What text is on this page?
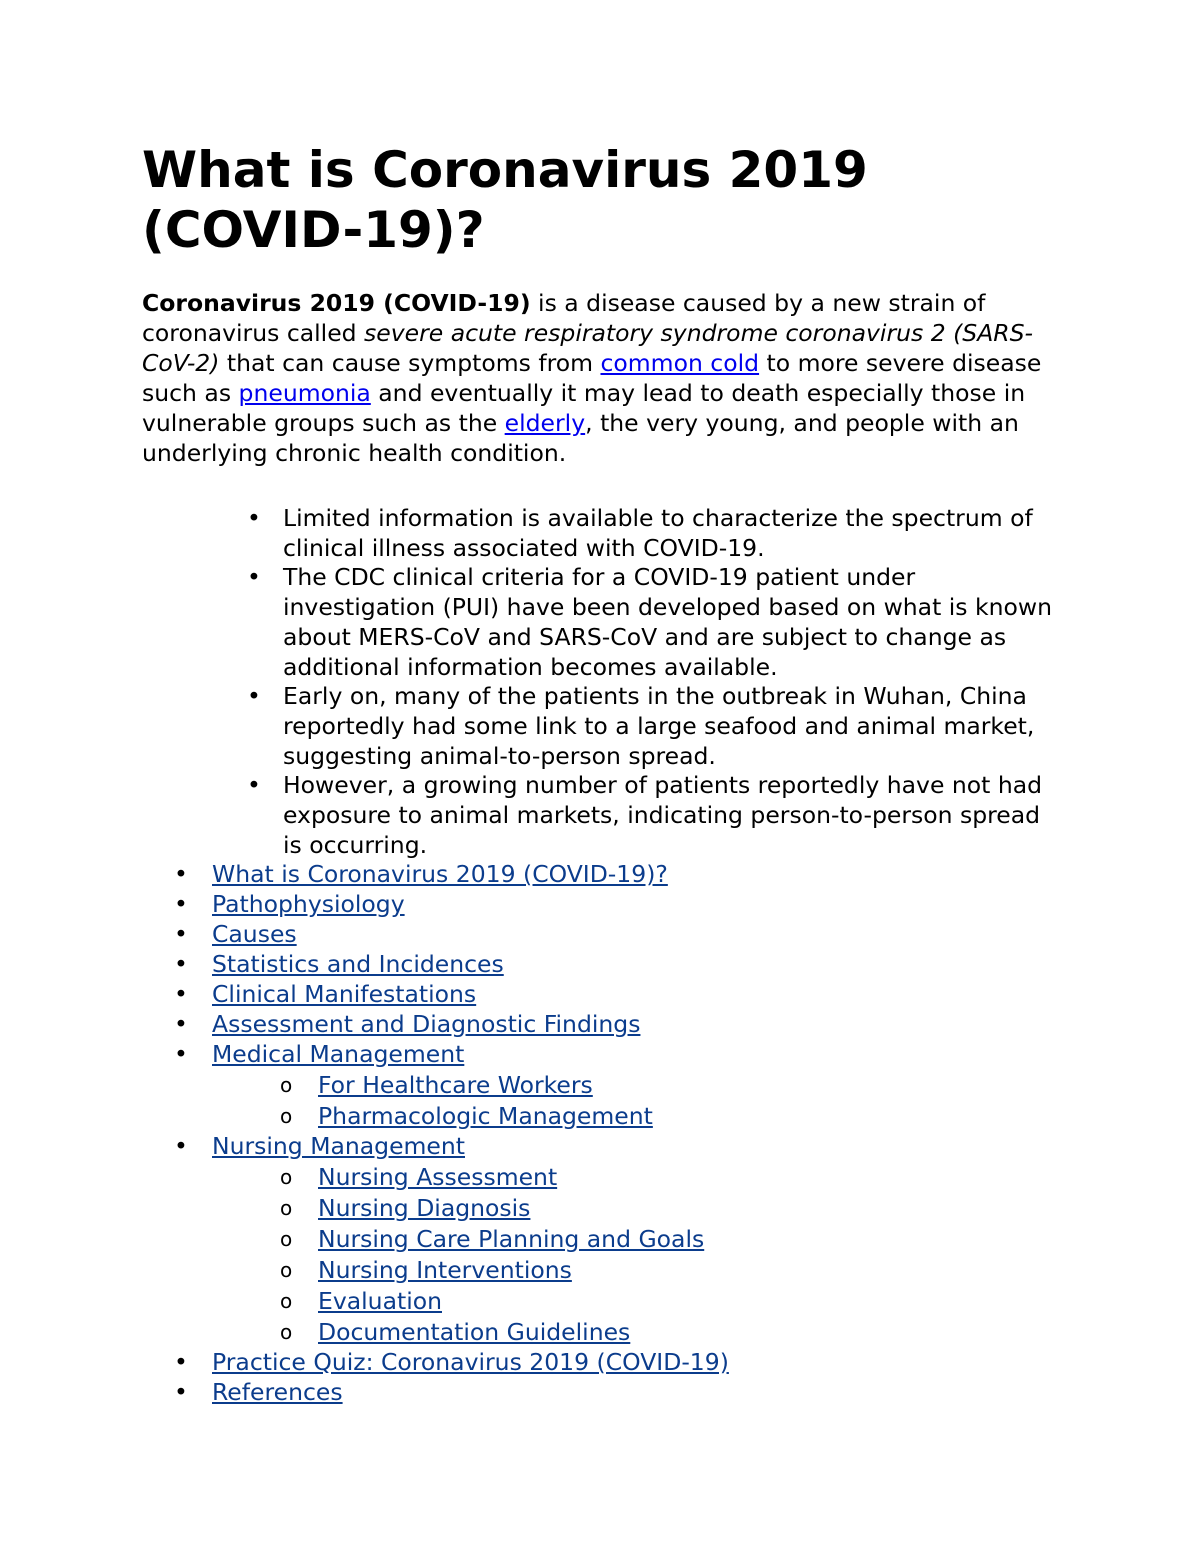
What is Coronavirus 2019 (COVID-19)?

Coronavirus 2019 (COVID-19) is a disease caused by a new strain of coronavirus called severe acute respiratory syndrome coronavirus 2 (SARS-CoV-2) that can cause symptoms from common cold to more severe disease such as pneumonia and eventually it may lead to death especially those in vulnerable groups such as the elderly, the very young, and people with an underlying chronic health condition.

• Limited information is available to characterize the spectrum of clinical illness associated with COVID-19.
• The CDC clinical criteria for a COVID-19 patient under investigation (PUI) have been developed based on what is known about MERS-CoV and SARS-CoV and are subject to change as additional information becomes available.
• Early on, many of the patients in the outbreak in Wuhan, China reportedly had some link to a large seafood and animal market, suggesting animal-to-person spread.
• However, a growing number of patients reportedly have not had exposure to animal markets, indicating person-to-person spread is occurring.
• What is Coronavirus 2019 (COVID-19)?
• Pathophysiology
• Causes
• Statistics and Incidences
• Clinical Manifestations
• Assessment and Diagnostic Findings
• Medical Management
o For Healthcare Workers
o Pharmacologic Management
• Nursing Management
o Nursing Assessment
o Nursing Diagnosis
o Nursing Care Planning and Goals
o Nursing Interventions
o Evaluation
o Documentation Guidelines
• Practice Quiz: Coronavirus 2019 (COVID-19)
• References
